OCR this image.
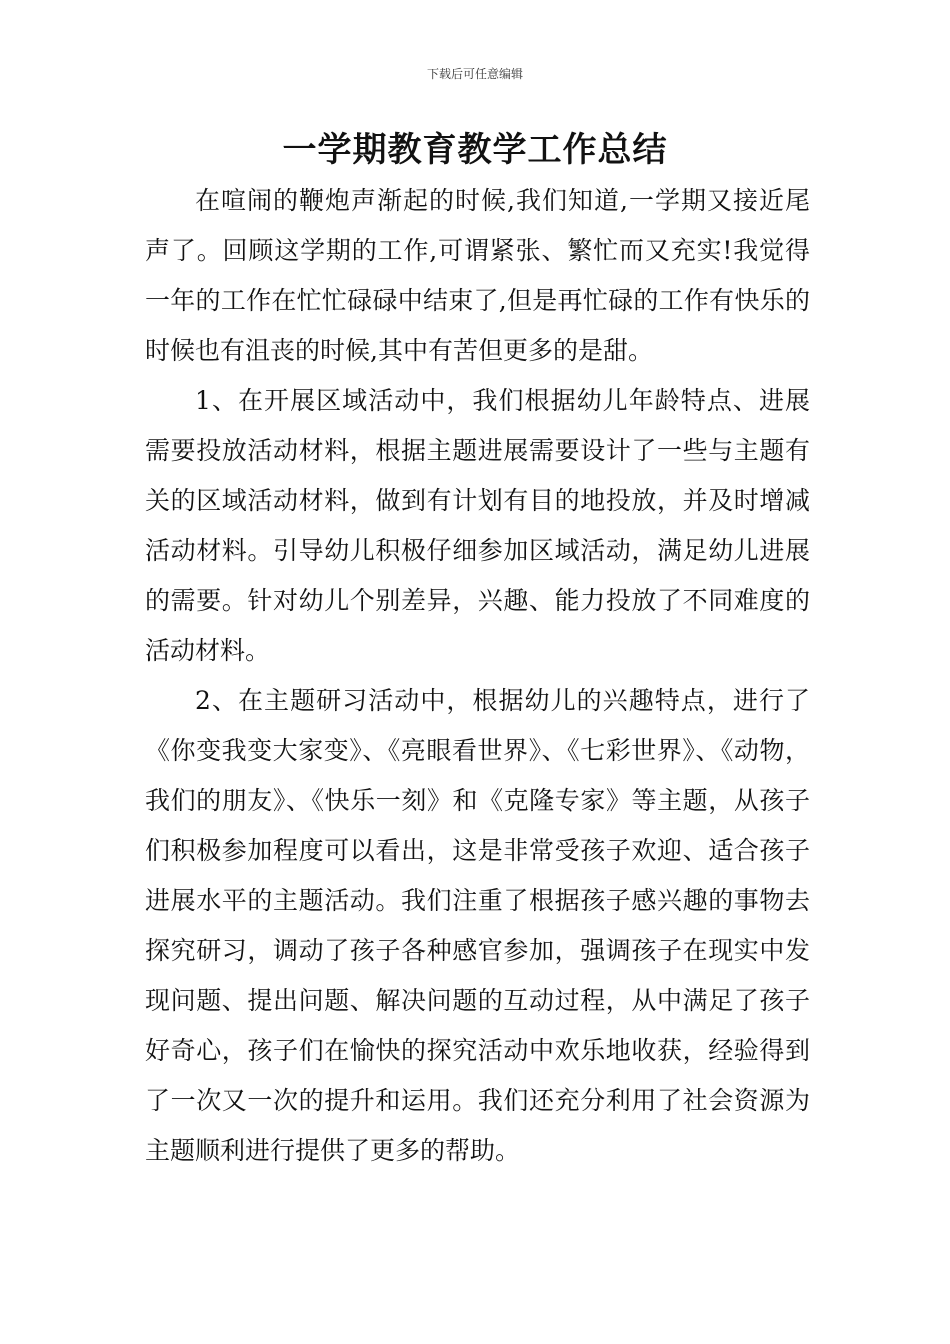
下载后可任意编辑
一学期教育教学工作总结

在喧闹的鞭炮声渐起的时候,我们知道,一学期又接近尾声了。回顾这学期的工作,可谓紧张、繁忙而又充实!我觉得一年的工作在忙忙碌碌中结束了,但是再忙碌的工作有快乐的时候也有沮丧的时候,其中有苦但更多的是甜。

1、在开展区域活动中，我们根据幼儿年龄特点、进展需要投放活动材料，根据主题进展需要设计了一些与主题有关的区域活动材料，做到有计划有目的地投放，并及时增减活动材料。引导幼儿积极仔细参加区域活动，满足幼儿进展的需要。针对幼儿个别差异，兴趣、能力投放了不同难度的活动材料。

2、在主题研习活动中，根据幼儿的兴趣特点，进行了《你变我变大家变》、《亮眼看世界》、《七彩世界》、《动物，我们的朋友》、《快乐一刻》和《克隆专家》等主题，从孩子们积极参加程度可以看出，这是非常受孩子欢迎、适合孩子进展水平的主题活动。我们注重了根据孩子感兴趣的事物去探究研习，调动了孩子各种感官参加，强调孩子在现实中发现问题、提出问题、解决问题的互动过程，从中满足了孩子好奇心，孩子们在愉快的探究活动中欢乐地收获，经验得到了一次又一次的提升和运用。我们还充分利用了社会资源为主题顺利进行提供了更多的帮助。
